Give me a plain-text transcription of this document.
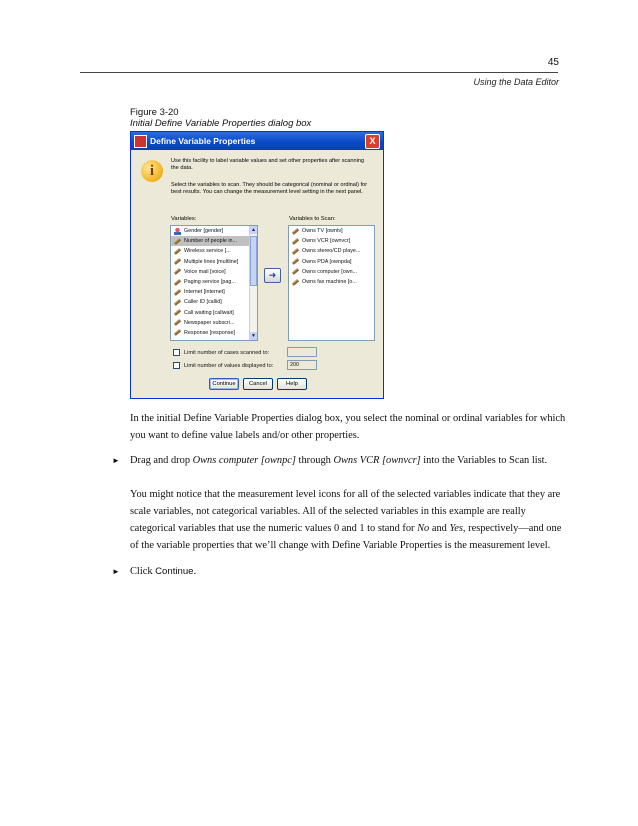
45
Using the Data Editor
Figure 3-20
Initial Define Variable Properties dialog box
Define Variable Properties	X
i
Use this facility to label variable values and set other properties after scanning the data.
Select the variables to scan. They should be categorical (nominal or ordinal) for best results. You can change the measurement level setting in the next panel.
Variables:	Variables to Scan:
Gender [gender]
Number of people in...
Wireless service [...
Multiple lines [multline]
Voice mail [voice]
Paging service [pag...
Internet [internet]
Caller ID [callid]
Call waiting [callwait]
Newspaper subscri...
Response [response]
▲
▼
➜
Owns TV [owntv]
Owns VCR [ownvcr]
Owns stereo/CD playe...
Owns PDA [ownpda]
Owns computer [own...
Owns fax machine [o...
Limit number of cases scanned to:
Limit number of values displayed to:	200
Continue	Cancel	Help
In the initial Define Variable Properties dialog box, you select the nominal or ordinal variables for which you want to define value labels and/or other properties.
► Drag and drop Owns computer [ownpc] through Owns VCR [ownvcr] into the Variables to Scan list.
You might notice that the measurement level icons for all of the selected variables indicate that they are scale variables, not categorical variables. All of the selected variables in this example are really categorical variables that use the numeric values 0 and 1 to stand for No and Yes, respectively—and one of the variable properties that we’ll change with Define Variable Properties is the measurement level.
► Click Continue.
